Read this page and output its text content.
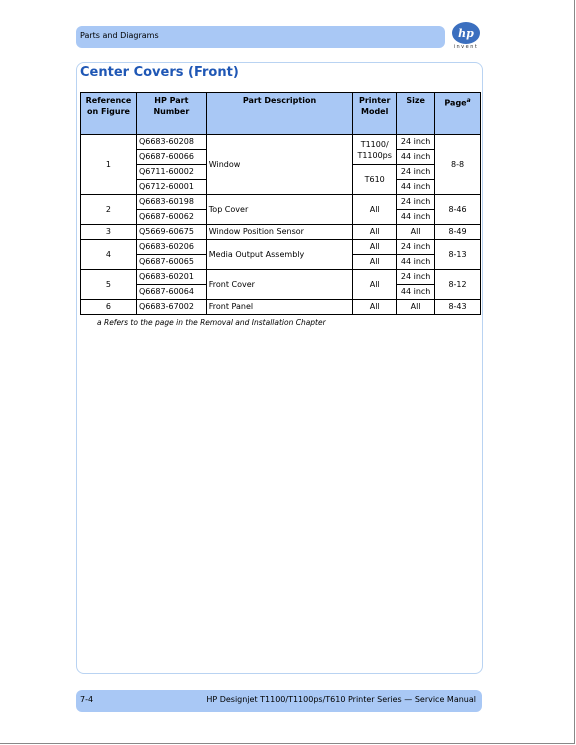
Parts and Diagrams	hp
invent
Center Covers (Front)
Reference on Figure	HP Part Number	Part Description	Printer Model	Size	Page$^a$
1	Q6683-60208	Window	T1100/ T1100ps	24 inch	8-8
	Q6687-60066			44 inch	
	Q6711-60002		T610	24 inch	
	Q6712-60001			44 inch	
2	Q6683-60198	Top Cover	All	24 inch	8-46
	Q6687-60062			44 inch	
3	Q5669-60675	Window Position Sensor	All	All	8-49
4	Q6683-60206	Media Output Assembly	All	24 inch	8-13
	Q6687-60065		All	44 inch	
5	Q6683-60201	Front Cover	All	24 inch	8-12
	Q6687-60064			44 inch	
6	Q6683-67002	Front Panel	All	All	8-43
a Refers to the page in the Removal and Installation Chapter
7-4	HP Designjet T1100/T1100ps/T610 Printer Series — Service Manual
